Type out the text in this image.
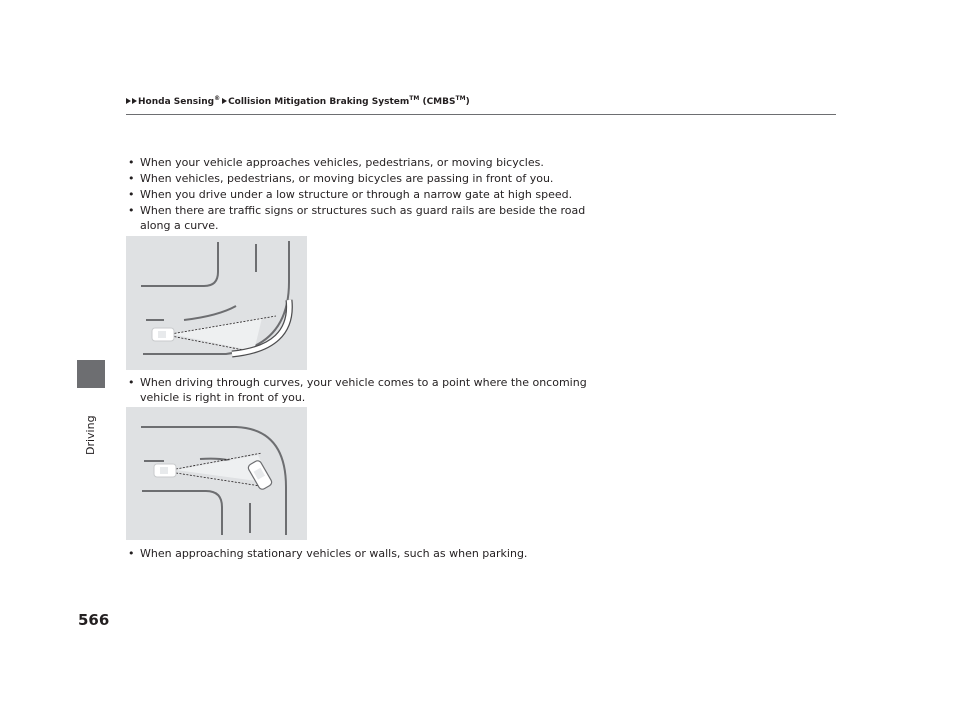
Honda Sensing® Collision Mitigation Braking System™ (CMBS™)
Driving
• When your vehicle approaches vehicles, pedestrians, or moving bicycles.
• When vehicles, pedestrians, or moving bicycles are passing in front of you.
• When you drive under a low structure or through a narrow gate at high speed.
• When there are traffic signs or structures such as guard rails are beside the road
along a curve.
• When driving through curves, your vehicle comes to a point where the oncoming
vehicle is right in front of you.
• When approaching stationary vehicles or walls, such as when parking.
566
